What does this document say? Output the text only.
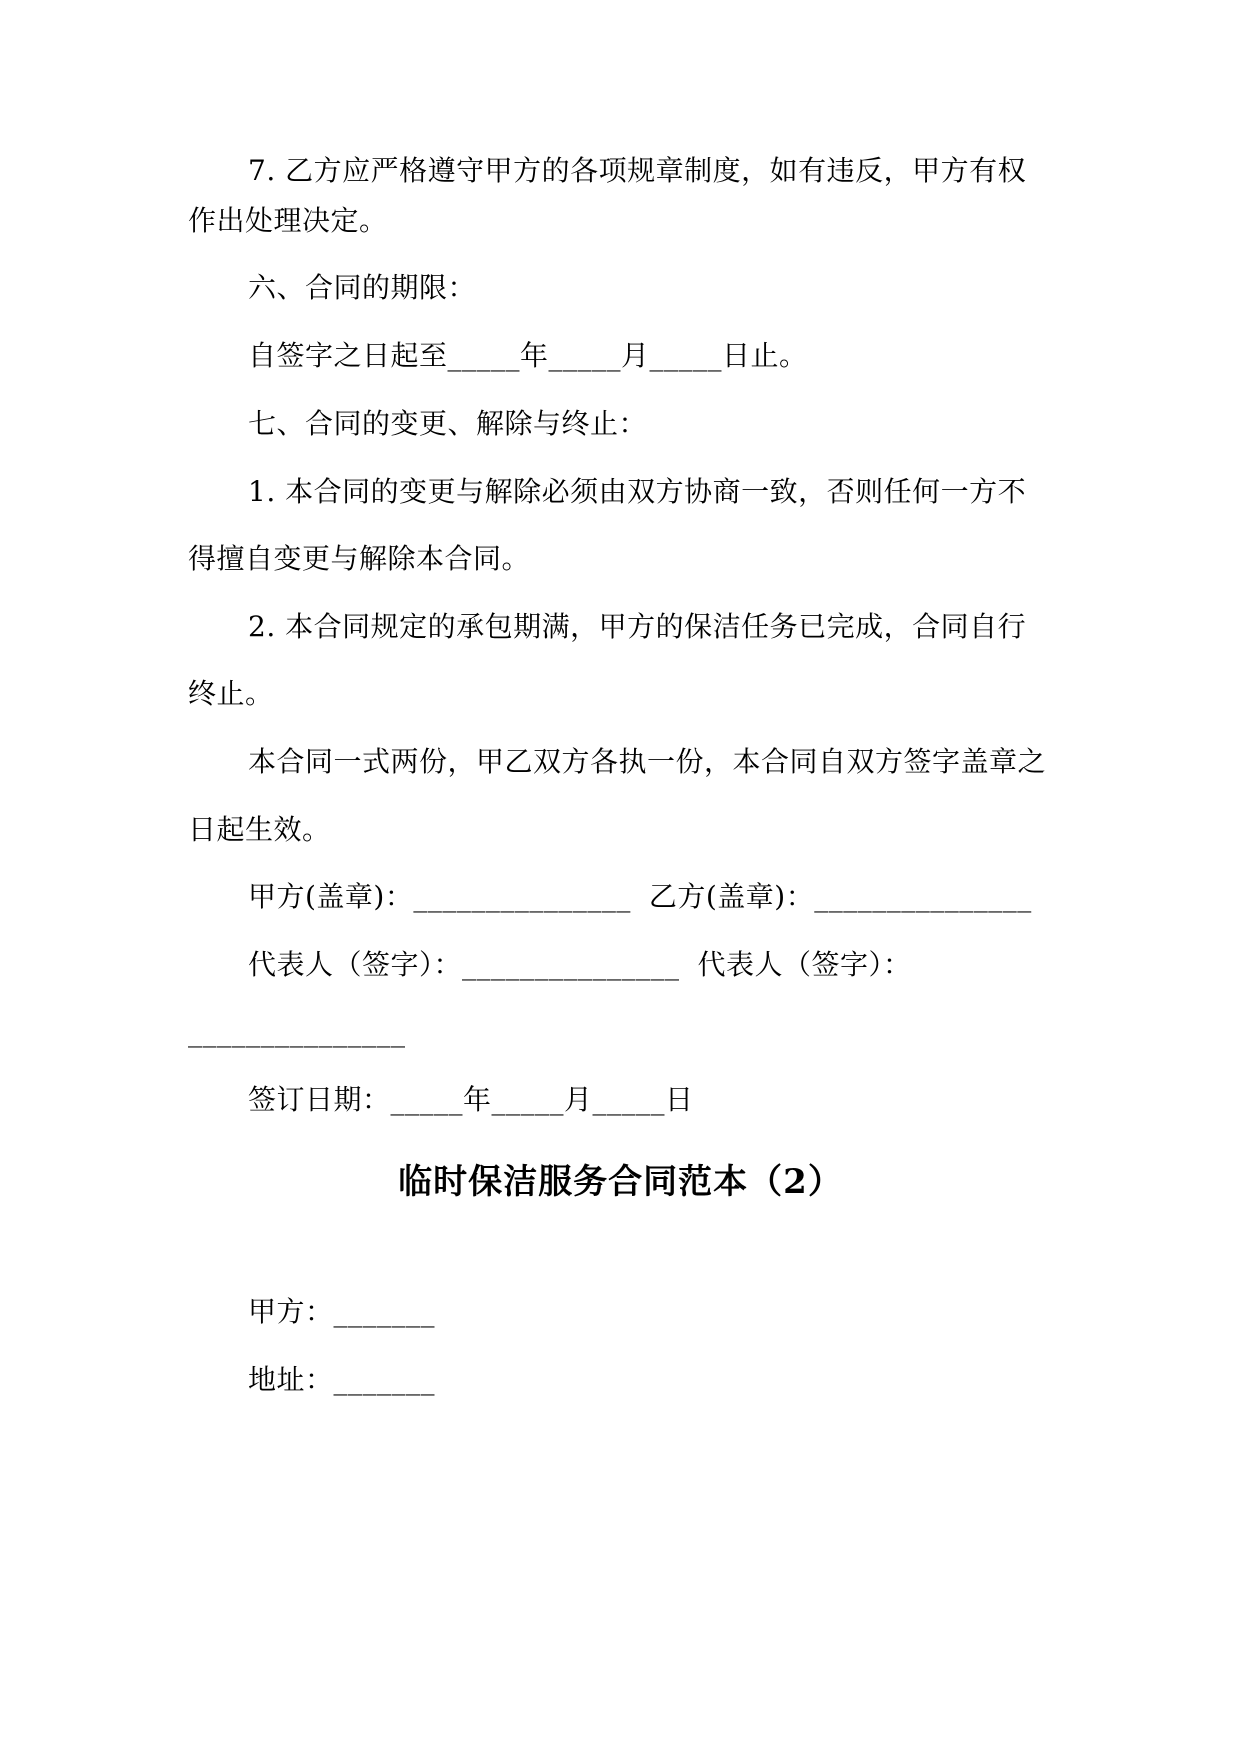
7. 乙方应严格遵守甲方的各项规章制度，如有违反，甲方有权
作出处理决定。
六、合同的期限：
自签字之日起至_____年_____月_____日止。
七、合同的变更、解除与终止：
1. 本合同的变更与解除必须由双方协商一致，否则任何一方不
得擅自变更与解除本合同。
2. 本合同规定的承包期满，甲方的保洁任务已完成，合同自行
终止。
本合同一式两份，甲乙双方各执一份，本合同自双方签字盖章之
日起生效。
甲方(盖章)：_______________ 乙方(盖章)：_______________
代表人（签字）：_______________ 代表人（签字）：
_______________
签订日期：_____年_____月_____日
临时保洁服务合同范本（2）
甲方：_______
地址：_______
